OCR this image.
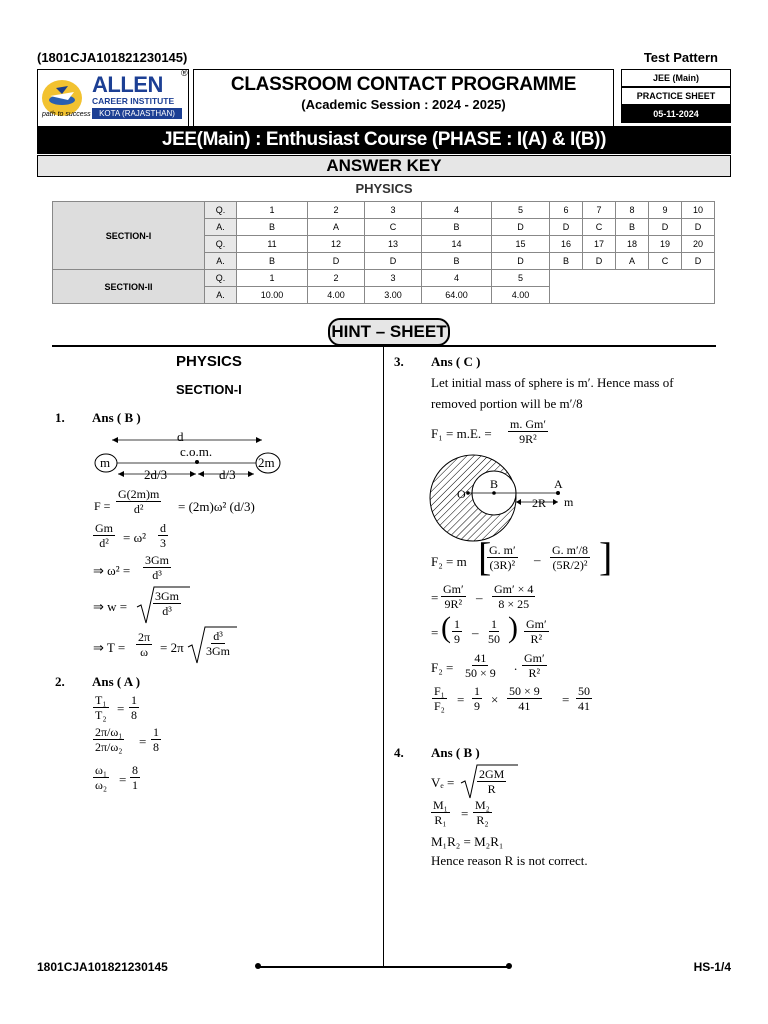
(1801CJA101821230145)	Test Pattern
ALLEN ®
CAREER INSTITUTE
KOTA (RAJASTHAN)
path to success
CLASSROOM CONTACT PROGRAMME
(Academic Session : 2024 - 2025)
JEE (Main)
PRACTICE SHEET
05-11-2024
JEE(Main) : Enthusiast Course (PHASE : I(A) & I(B))
ANSWER KEY
PHYSICS
SECTION-I	Q.	1	2	3	4	5	6	7	8	9	10
	A.	B	A	C	B	D	D	C	B	D	D
	Q.	11	12	13	14	15	16	17	18	19	20
	A.	B	D	D	B	D	B	D	A	C	D
SECTION-II	Q.	1	2	3	4	5					
	A.	10.00	4.00	3.00	64.00	4.00					
HINT – SHEET
PHYSICS
SECTION-I
1. Ans ( B )
d
c.o.m.
m	2m
2d/3	d/3
$F = \frac{G(2m)m}{\text{d²}} = (2m)\omega^2$ (d/3)
$\frac{Gm}{\text{d²}} = \omega^2 \frac{d}{3}$
⇒ $\omega^2 = \frac{3Gm}{\text{d³}}$
⇒ $w = \frac{3Gm}{\text{d³}}$
⇒ $T = \frac{2\pi}{\omega} = 2\pi \frac{\text{d³}}{3Gm}$
2. Ans ( A )
$\frac{\text{T₁}}{\text{T₂}} = \frac{1}{8}$
$\frac{\text{2π/ω₁}}{\text{2π/ω₂}} = \frac{1}{8}$
$\frac{\text{ω₁}}{\text{ω₂}} = \frac{8}{1}$
3. Ans ( C )
Let initial mass of sphere is m′. Hence mass of
removed portion will be m′/8
F₁ = m.E. = $\frac{m. Gm'}{\text{9R²}}$
O
B	A
2R m
F₂ = m [
$\frac{G. m'}{\text{(3R)²}} - \frac{G. m'/8}{\text{(5R/2)²}}$ ]
= $\frac{Gm'}{\text{9R²}} - \frac{Gm' \times 4}{8 \times 25}$
= ( $\frac{1}{9} - \frac{1}{50}$ ) $\frac{Gm'}{\text{R²}}$
$F_2 = \frac{41}{50 \times 9}$ . $\frac{Gm'}{\text{R²}}$
$\frac{\text{F₁}}{\text{F₂}} = \frac{1}{9} \times \frac{50 \times 9}{41} = \frac{50}{41}$
4. Ans ( B )
$V_e = \frac{2GM}{R}$
$\frac{\text{M₁}}{\text{R₁}} = \frac{\text{M₂}}{\text{R₂}}$
M₁R₂ = M₂R₁
Hence reason R is not correct.
1801CJA101821230145	HS-1/4
